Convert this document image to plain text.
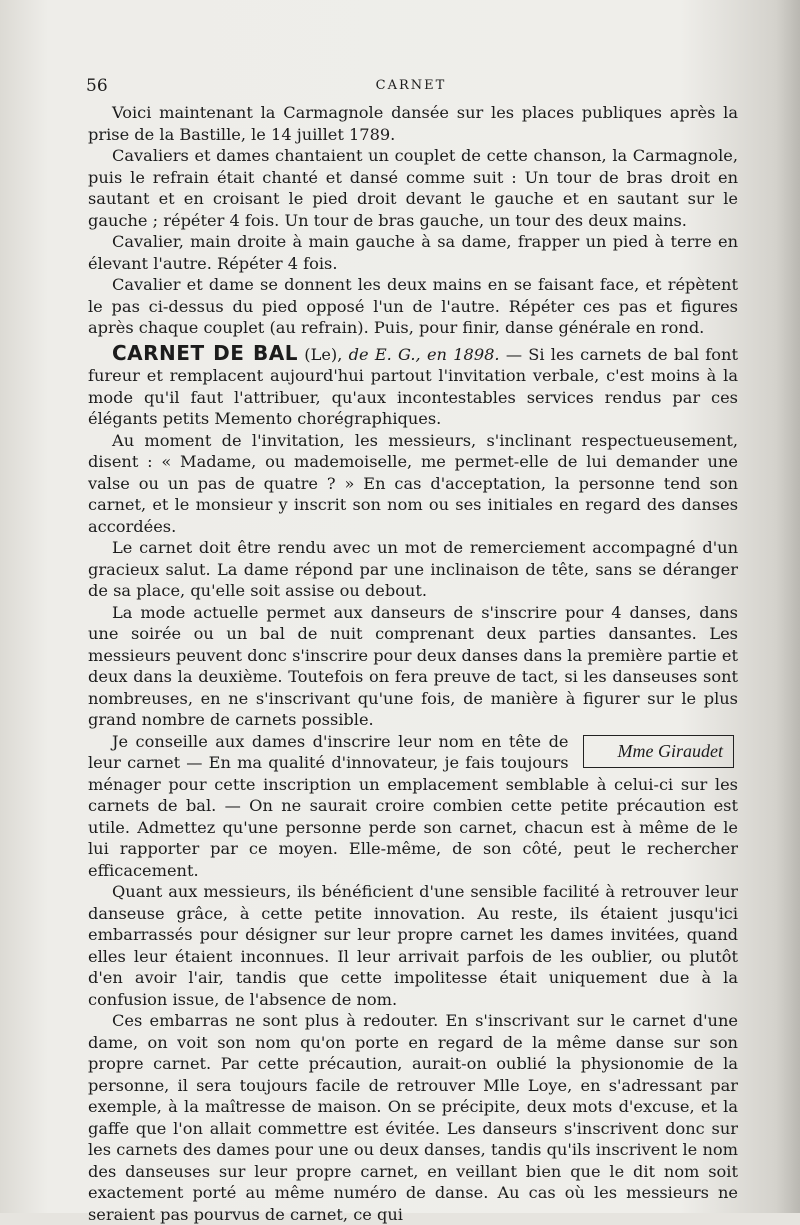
56	CARNET

Voici maintenant la Carmagnole dansée sur les places publiques après la prise de la Bastille, le 14 juillet 1789.

Cavaliers et dames chantaient un couplet de cette chanson, la Carmagnole, puis le refrain était chanté et dansé comme suit : Un tour de bras droit en sautant et en croisant le pied droit devant le gauche et en sautant sur le gauche ; répéter 4 fois. Un tour de bras gauche, un tour des deux mains.

Cavalier, main droite à main gauche à sa dame, frapper un pied à terre en élevant l'autre. Répéter 4 fois.

Cavalier et dame se donnent les deux mains en se faisant face, et répètent le pas ci-dessus du pied opposé l'un de l'autre. Répéter ces pas et figures après chaque couplet (au refrain). Puis, pour finir, danse générale en rond.

CARNET DE BAL (Le), de E. G., en 1898. — Si les carnets de bal font fureur et remplacent aujourd'hui partout l'invitation verbale, c'est moins à la mode qu'il faut l'attribuer, qu'aux incontestables services rendus par ces élégants petits Memento chorégraphiques.

Au moment de l'invitation, les messieurs, s'inclinant respectueusement, disent : « Madame, ou mademoiselle, me permet-elle de lui demander une valse ou un pas de quatre ? » En cas d'acceptation, la personne tend son carnet, et le monsieur y inscrit son nom ou ses initiales en regard des danses accordées.

Le carnet doit être rendu avec un mot de remerciement accompagné d'un gracieux salut. La dame répond par une inclinaison de tête, sans se déranger de sa place, qu'elle soit assise ou debout.

La mode actuelle permet aux danseurs de s'inscrire pour 4 danses, dans une soirée ou un bal de nuit comprenant deux parties dansantes. Les messieurs peuvent donc s'inscrire pour deux danses dans la première partie et deux dans la deuxième. Toutefois on fera preuve de tact, si les danseuses sont nombreuses, en ne s'inscrivant qu'une fois, de manière à figurer sur le plus grand nombre de carnets possible.

Mme Giraudet
Je conseille aux dames d'inscrire leur nom en tête de leur carnet — En ma qualité d'innovateur, je fais toujours ménager pour cette inscription un emplacement semblable à celui-ci sur les carnets de bal. — On ne saurait croire combien cette petite précaution est utile. Admettez qu'une personne perde son carnet, chacun est à même de le lui rapporter par ce moyen. Elle-même, de son côté, peut le rechercher efficacement.

Quant aux messieurs, ils bénéficient d'une sensible facilité à retrouver leur danseuse grâce, à cette petite innovation. Au reste, ils étaient jusqu'ici embarrassés pour désigner sur leur propre carnet les dames invitées, quand elles leur étaient inconnues. Il leur arrivait parfois de les oublier, ou plutôt d'en avoir l'air, tandis que cette impolitesse était uniquement due à la confusion issue, de l'absence de nom.

Ces embarras ne sont plus à redouter. En s'inscrivant sur le carnet d'une dame, on voit son nom qu'on porte en regard de la même danse sur son propre carnet. Par cette précaution, aurait-on oublié la physionomie de la personne, il sera toujours facile de retrouver Mlle Loye, en s'adressant par exemple, à la maîtresse de maison. On se précipite, deux mots d'excuse, et la gaffe que l'on allait commettre est évitée. Les danseurs s'inscrivent donc sur les carnets des dames pour une ou deux danses, tandis qu'ils inscrivent le nom des danseuses sur leur propre carnet, en veillant bien que le dit nom soit exactement porté au même numéro de danse. Au cas où les messieurs ne seraient pas pourvus de carnet, ce qui
